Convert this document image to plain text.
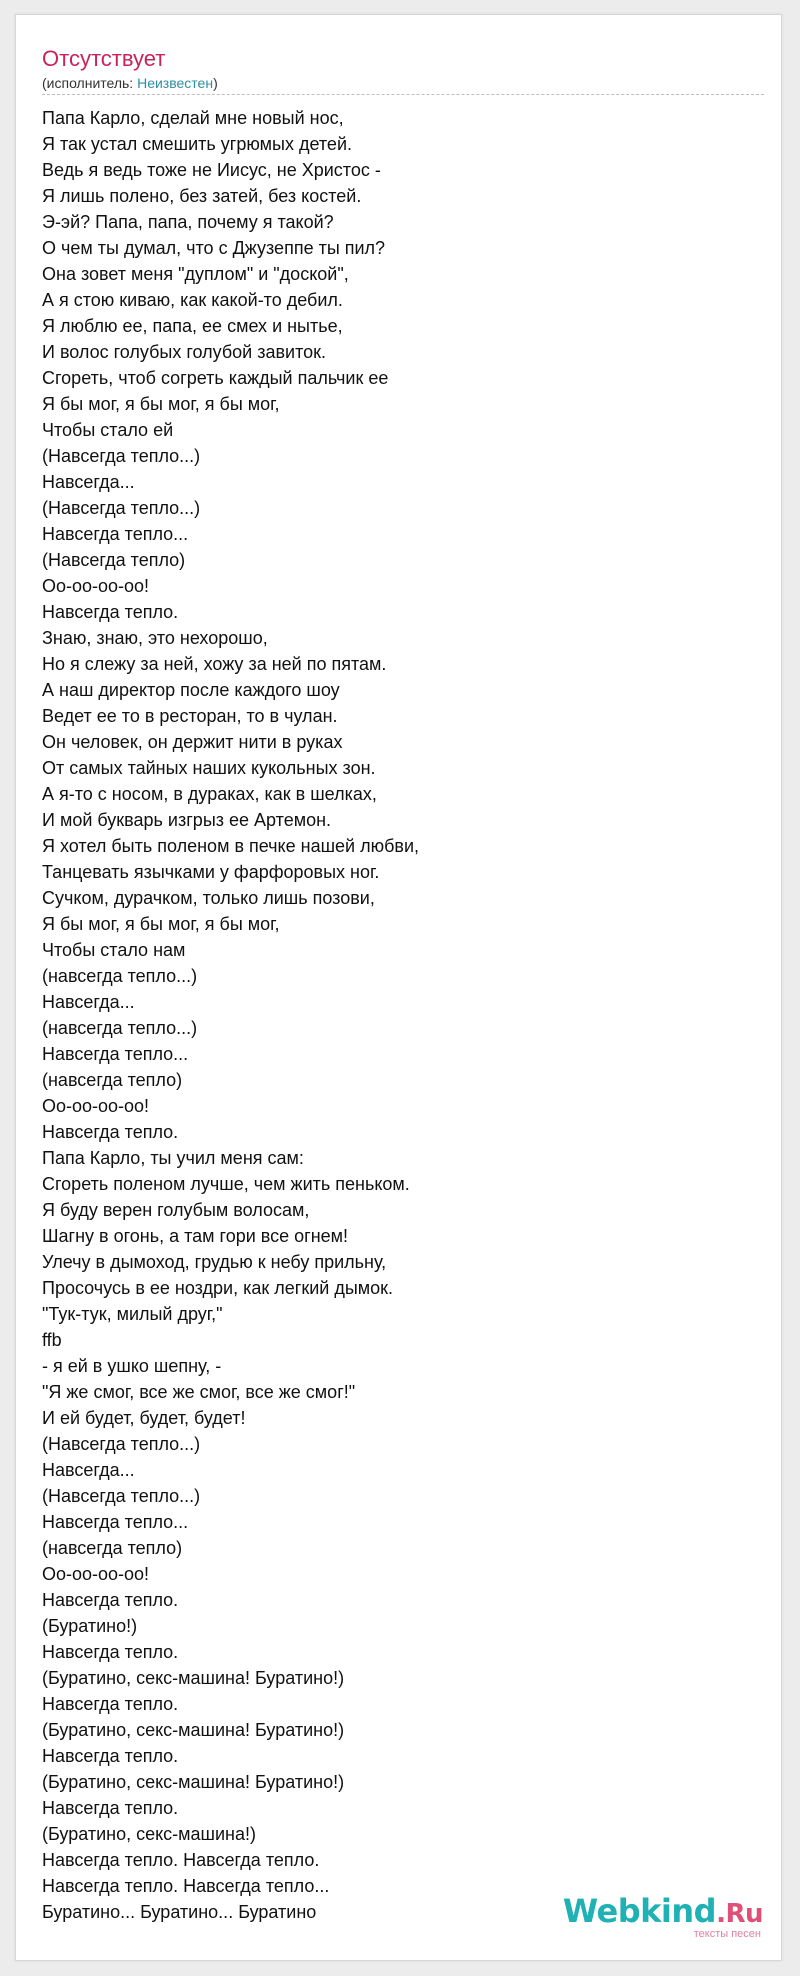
Отсутствует
(исполнитель: Неизвестен)
Папа Карло, сделай мне новый нос,
Я так устал смешить угрюмых детей.
Ведь я ведь тоже не Иисус, не Христос -
Я лишь полено, без затей, без костей.
Э-эй? Папа, папа, почему я такой?
О чем ты думал, что с Джузеппе ты пил?
Она зовет меня "дуплом" и "доской",
А я стою киваю, как какой-то дебил.
Я люблю ее, папа, ее смех и нытье,
И волос голубых голубой завиток.
Сгореть, чтоб согреть каждый пальчик ее
Я бы мог, я бы мог, я бы мог,
Чтобы стало ей
(Навсегда тепло...)
Навсегда...
(Навсегда тепло...)
Навсегда тепло...
(Навсегда тепло)
Оо-оо-оо-оо!
Навсегда тепло.
Знаю, знаю, это нехорошо,
Но я слежу за ней, хожу за ней по пятам.
А наш директор после каждого шоу
Ведет ее то в ресторан, то в чулан.
Он человек, он держит нити в руках
От самых тайных наших кукольных зон.
А я-то с носом, в дураках, как в шелках,
И мой букварь изгрыз ее Артемон.
Я хотел быть поленом в печке нашей любви,
Танцевать язычками у фарфоровых ног.
Сучком, дурачком, только лишь позови,
Я бы мог, я бы мог, я бы мог,
Чтобы стало нам
(навсегда тепло...)
Навсегда...
(навсегда тепло...)
Навсегда тепло...
(навсегда тепло)
Оо-оо-оо-оо!
Навсегда тепло.
Папа Карло, ты учил меня сам:
Сгореть поленом лучше, чем жить пеньком.
Я буду верен голубым волосам,
Шагну в огонь, а там гори все огнем!
Улечу в дымоход, грудью к небу прильну,
Просочусь в ее ноздри, как легкий дымок.
"Тук-тук, милый друг,"
ffb
- я ей в ушко шепну, -
"Я же смог, все же смог, все же смог!"
И ей будет, будет, будет!
(Навсегда тепло...)
Навсегда...
(Навсегда тепло...)
Навсегда тепло...
(навсегда тепло)
Оо-оо-оо-оо!
Навсегда тепло.
(Буратино!)
Навсегда тепло.
(Буратино, секс-машина! Буратино!)
Навсегда тепло.
(Буратино, секс-машина! Буратино!)
Навсегда тепло.
(Буратино, секс-машина! Буратино!)
Навсегда тепло.
(Буратино, секс-машина!)
Навсегда тепло. Навсегда тепло.
Навсегда тепло. Навсегда тепло...
Буратино... Буратино... Буратино	Webkind.Ru
тексты песен
